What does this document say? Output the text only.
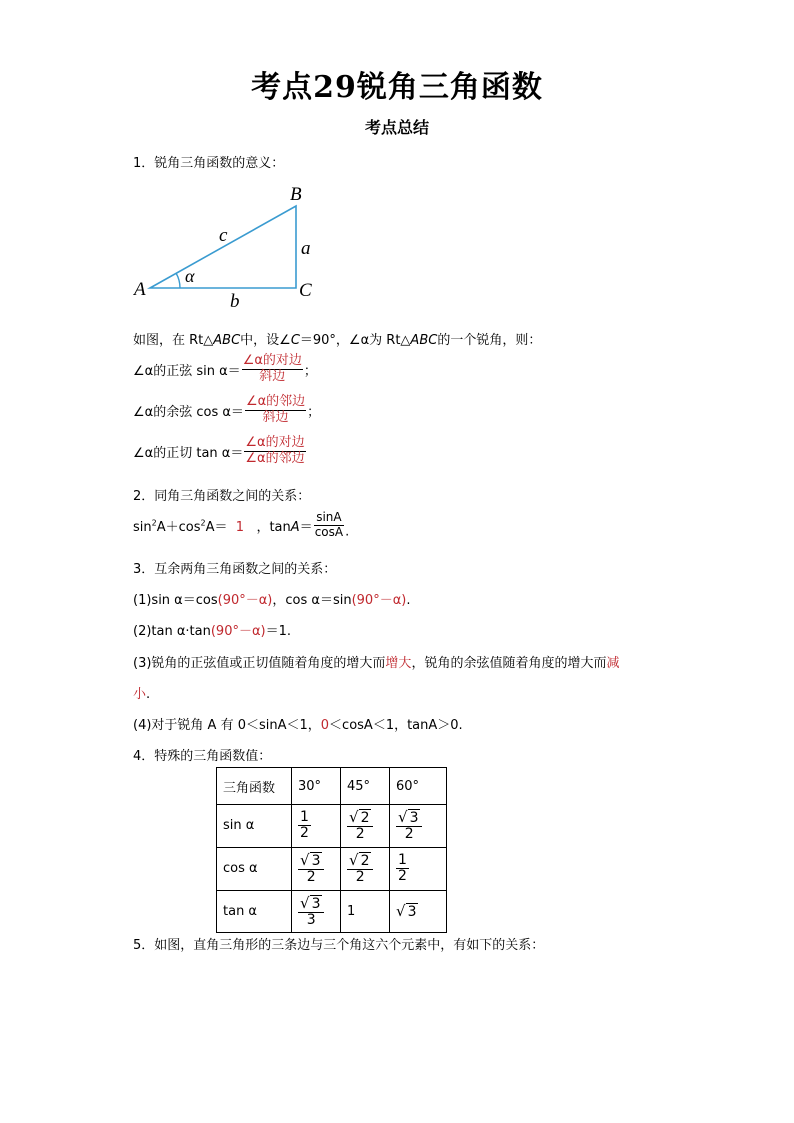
考点29锐角三角函数
考点总结
1．锐角三角函数的意义：
A
B
C
a
b
c
α
如图，在 Rt△ABC中，设∠C＝90°，∠α为 Rt△ABC的一个锐角，则：
∠α的正弦 $\sin \alpha= \frac{\text{∠α的对边}}{\text{斜边}}$ ；
∠α的余弦 $\cos \alpha= \frac{\text{∠α的邻边}}{\text{斜边}}$ ；
∠α的正切 $\tan \alpha= \frac{\text{∠α的对边}}{\text{∠α的邻边}}$
2．同角三角函数之间的关系：
$\sin^2A+\cos^2A= 1$ ，$\tan A= \frac{\sin A}{\cos A}$ .
3．互余两角三角函数之间的关系：
(1)sin α＝cos(90°－α)，cos α＝sin(90°－α).
(2)tan α·tan(90°－α)＝1.
(3)锐角的正弦值或正切值随着角度的增大而增大，锐角的余弦值随着角度的增大而减
小.
(4)对于锐角 A 有 0＜sinA＜1，0＜cosA＜1，tanA＞0.
4．特殊的三角函数值：
三角函数	30°	45°	60°
sin α	$\frac{1}{2}$	$\frac{√ 2}{2}$	$\frac{√ 3}{2}$

cos α	$\frac{√ 3}{2}$	$\frac{√ 2}{2}$	$\frac{1}{2}$

tan α	$\frac{√ 3}{3}$	1	√ 3
5．如图，直角三角形的三条边与三个角这六个元素中，有如下的关系：
